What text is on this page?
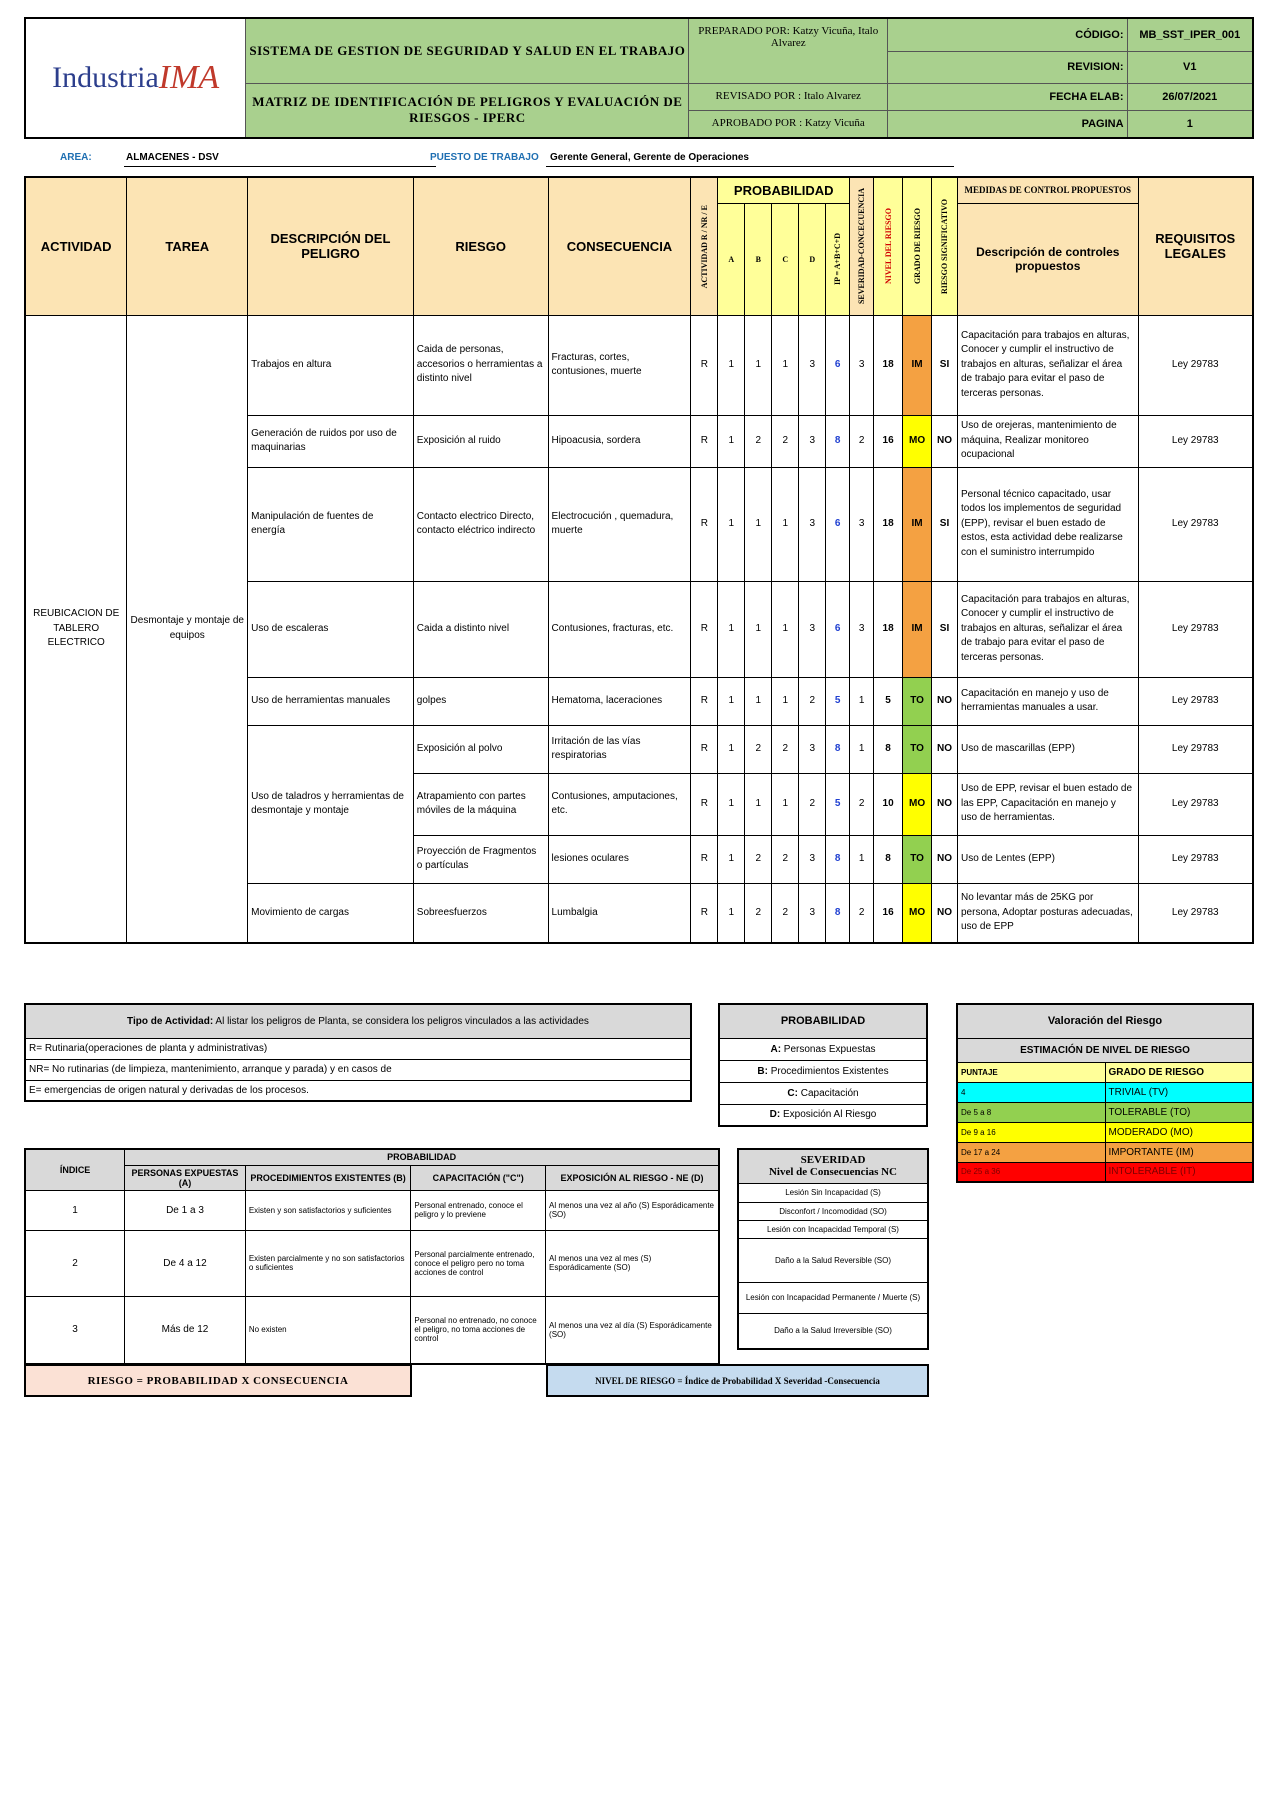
Industria IMA	SISTEMA DE GESTION DE SEGURIDAD Y SALUD EN EL TRABAJO	PREPARADO POR: Katzy Vicuña, Italo Alvarez	CÓDIGO:	MB_SST_IPER_001
			REVISION:	V1
	MATRIZ DE IDENTIFICACIÓN DE PELIGROS Y EVALUACIÓN DE RIESGOS - IPERC	REVISADO POR : Italo Alvarez	FECHA ELAB:	26/07/2021
		APROBADO POR : Katzy Vicuña	PAGINA	1
AREA:	ALMACENES - DSV	PUESTO DE TRABAJO Gerente General, Gerente de Operaciones
ACTIVIDAD	TAREA	DESCRIPCIÓN DEL PELIGRO	RIESGO	CONSECUENCIA	ACTIVIDAD R / NR / E	PROBABILIDAD					SEVERIDAD-CONCECUENCIA	NIVEL DEL RIESGO	GRADO DE RIESGO	RIESGO SIGNIFICATIVO	MEDIDAS DE CONTROL PROPUESTOS	REQUISITOS LEGALES
						A	B	C	D	IP = A+B+C+D					Descripción de controles propuestos	
REUBICACION DE TABLERO ELECTRICO	Desmontaje y montaje de equipos	Trabajos en altura	Caida de personas, accesorios o herramientas a distinto nivel	Fracturas, cortes, contusiones, muerte	R	1	1	1	3	6	3	18	IM	SI	Capacitación para trabajos en alturas, Conocer y cumplir el instructivo de trabajos en alturas, señalizar el área de trabajo para evitar el paso de terceras personas.	Ley 29783
		Generación de ruidos por uso de maquinarias	Exposición al ruido	Hipoacusia, sordera	R	1	2	2	3	8	2	16	MO	NO	Uso de orejeras, mantenimiento de máquina, Realizar monitoreo ocupacional	Ley 29783
		Manipulación de fuentes de energía	Contacto electrico Directo, contacto eléctrico indirecto	Electrocución , quemadura, muerte	R	1	1	1	3	6	3	18	IM	SI	Personal técnico capacitado, usar todos los implementos de seguridad (EPP), revisar el buen estado de estos, esta actividad debe realizarse con el suministro interrumpido	Ley 29783
		Uso de escaleras	Caida a distinto nivel	Contusiones, fracturas, etc.	R	1	1	1	3	6	3	18	IM	SI	Capacitación para trabajos en alturas, Conocer y cumplir el instructivo de trabajos en alturas, señalizar el área de trabajo para evitar el paso de terceras personas.	Ley 29783
		Uso de herramientas manuales	golpes	Hematoma, laceraciones	R	1	1	1	2	5	1	5	TO	NO	Capacitación en manejo y uso de herramientas manuales a usar.	Ley 29783
		Uso de taladros y herramientas de desmontaje y montaje	Exposición al polvo	Irritación de las vías respiratorias	R	1	2	2	3	8	1	8	TO	NO	Uso de mascarillas (EPP)	Ley 29783
			Atrapamiento con partes móviles de la máquina	Contusiones, amputaciones, etc.	R	1	1	1	2	5	2	10	MO	NO	Uso de EPP, revisar el buen estado de las EPP, Capacitación en manejo y uso de herramientas.	Ley 29783
			Proyección de Fragmentos o partículas	lesiones oculares	R	1	2	2	3	8	1	8	TO	NO	Uso de Lentes (EPP)	Ley 29783
		Movimiento de cargas	Sobreesfuerzos	Lumbalgia	R	1	2	2	3	8	2	16	MO	NO	No levantar más de 25KG por persona, Adoptar posturas adecuadas, uso de EPP	Ley 29783
Tipo de Actividad: Al listar los peligros de Planta, se considera los peligros vinculados a las actividades
R= Rutinaria(operaciones de planta y administrativas)
NR= No rutinarias (de limpieza, mantenimiento, arranque y parada) y en casos de
E= emergencias de origen natural y derivadas de los procesos.
PROBABILIDAD
A: Personas Expuestas
B: Procedimientos Existentes
C: Capacitación
D: Exposición Al Riesgo
Valoración del Riesgo	
ESTIMACIÓN DE NIVEL DE RIESGO	
PUNTAJE	GRADO DE RIESGO
4	TRIVIAL (TV)
De 5 a 8	TOLERABLE (TO)
De 9 a 16	MODERADO (MO)
De 17 a 24	IMPORTANTE (IM)
De 25 a 36	INTOLERABLE (IT)
ÍNDICE	PROBABILIDAD			
	PERSONAS EXPUESTAS (A)	PROCEDIMIENTOS EXISTENTES (B)	CAPACITACIÓN ("C")	EXPOSICIÓN AL RIESGO - NE (D)
1	De 1 a 3	Existen y son satisfactorios y suficientes	Personal entrenado, conoce el peligro y lo previene	Al menos una vez al año (S) Esporádicamente (SO)
2	De 4 a 12	Existen parcialmente y no son satisfactorios o suficientes	Personal parcialmente entrenado, conoce el peligro pero no toma acciones de control	Al menos una vez al mes (S) Esporádicamente (SO)
3	Más de 12	No existen	Personal no entrenado, no conoce el peligro, no toma acciones de control	Al menos una vez al día (S) Esporádicamente (SO)
SEVERIDAD
Nivel de Consecuencias NC

Lesión Sin Incapacidad (S)
Disconfort / Incomodidad (SO)
Lesión con Incapacidad Temporal (S)
Daño a la Salud Reversible (SO)
Lesión con Incapacidad Permanente / Muerte (S)
Daño a la Salud Irreversible (SO)
RIESGO = PROBABILIDAD X CONSECUENCIA	NIVEL DE RIESGO = Índice de Probabilidad X Severidad -Consecuencia
